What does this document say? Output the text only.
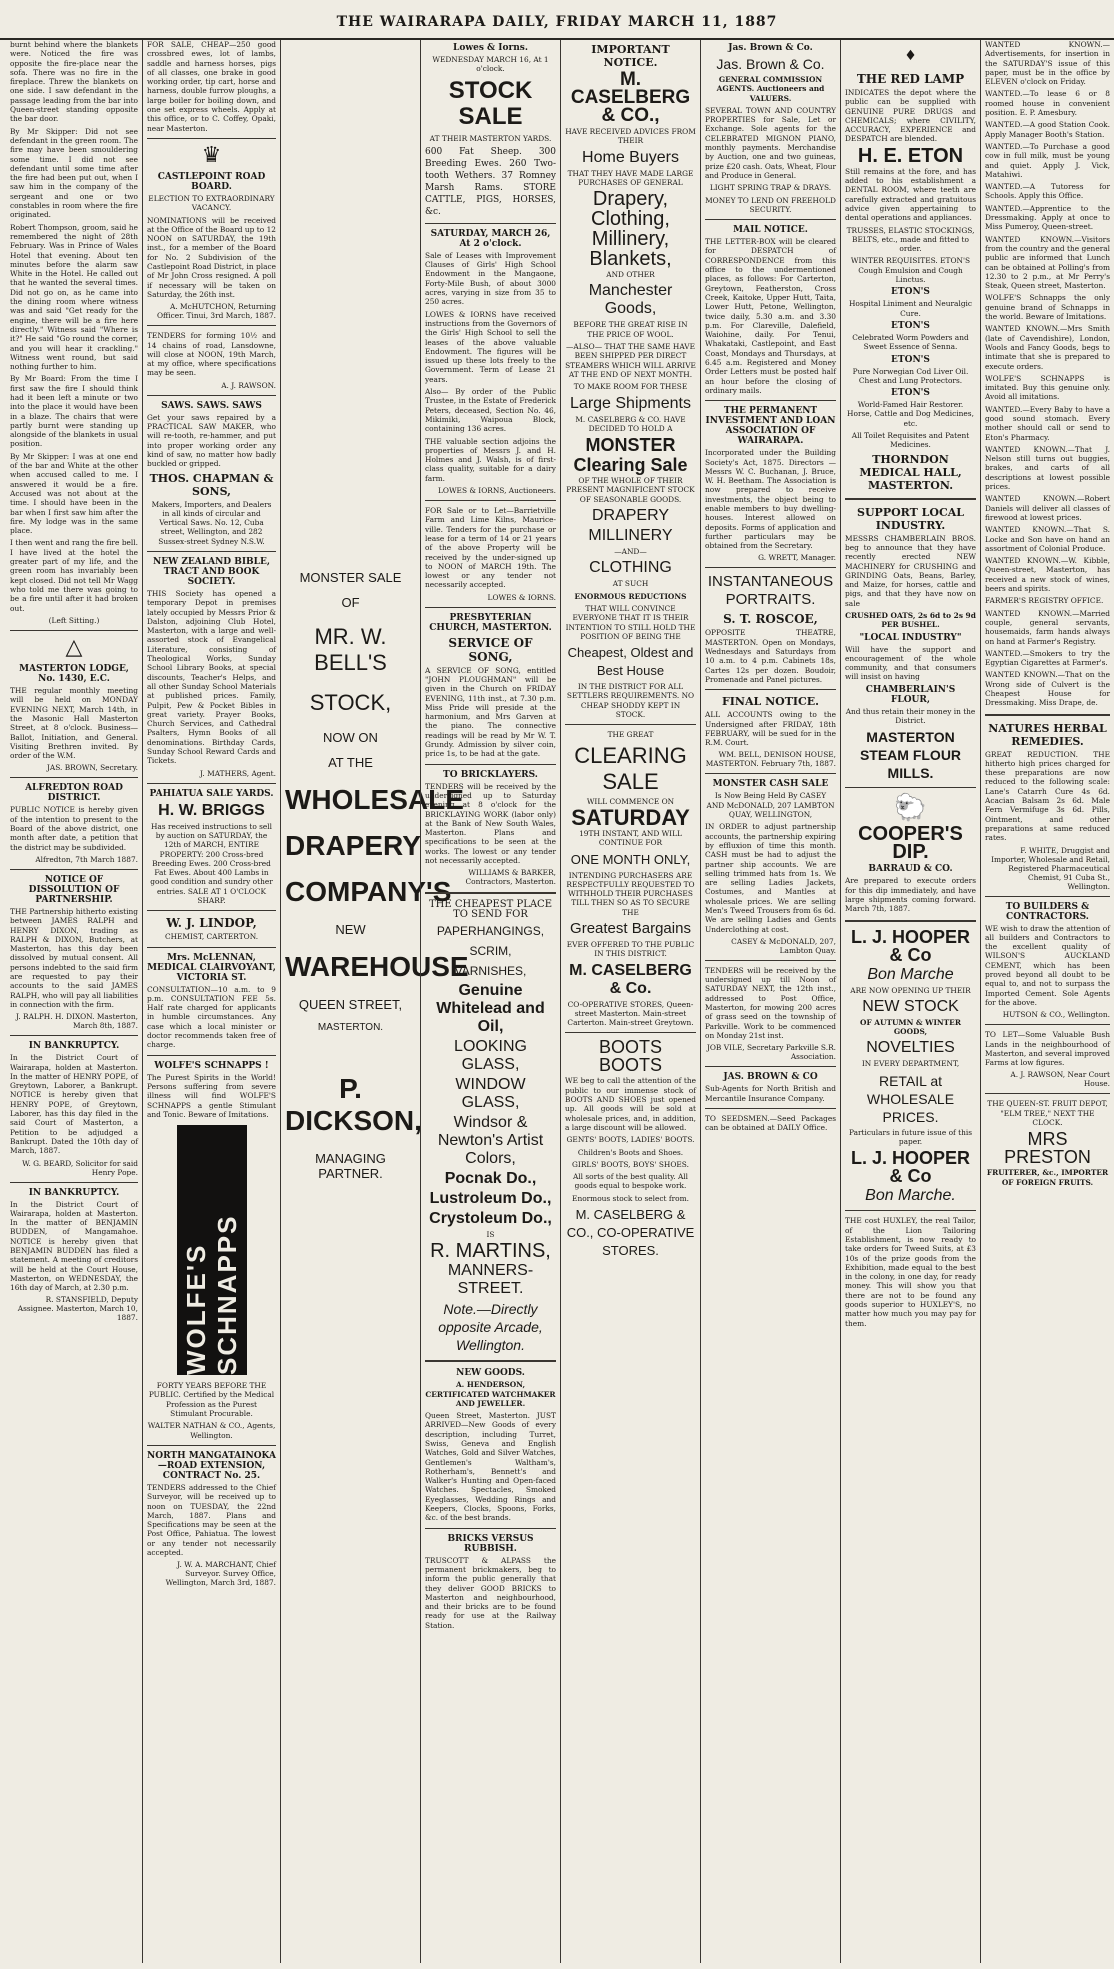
THE WAIRARAPA DAILY, FRIDAY MARCH 11, 1887

burnt behind where the blankets were. Noticed the fire was opposite the fire-place near the sofa. There was no fire in the fireplace. Threw the blankets on one side. I saw defendant in the passage leading from the bar into Queen-street standing opposite the bar door.

By Mr Skipper: Did not see defendant in the green room. The fire may have been smouldering some time. I did not see defendant until some time after the fire had been put out, when I saw him in the company of the sergeant and one or two constables in room where the fire originated.

Robert Thompson, groom, said he remembered the night of 28th February. Was in Prince of Wales Hotel that evening. About ten minutes before the alarm saw White in the Hotel. He called out that he wanted the several times. Did not go on, as he came into the dining room where witness was and said "Get ready for the engine, there will be a fire here directly." Witness said "Where is it?" He said "Go round the corner, and you will hear it crackling." Witness went round, but said nothing further to him.

By Mr Board: From the time I first saw the fire I should think had it been left a minute or two into the place it would have been in a blaze. The chairs that were partly burnt were standing up alongside of the blankets in usual position.

By Mr Skipper: I was at one end of the bar and White at the other when accused called to me. I answered it would be a fire. Accused was not about at the time. I should have been in the bar when I first saw him after the fire. My lodge was in the same place.

I then went and rang the fire bell. I have lived at the hotel the greater part of my life, and the green room has invariably been kept closed. Did not tell Mr Wagg who told me there was going to be a fire until after it had broken out.

(Left Sitting.)

△

MASTERTON LODGE, No. 1430, E.C.

THE regular monthly meeting will be held on MONDAY EVENING NEXT, March 14th, in the Masonic Hall Masterton Street, at 8 o'clock. Business—Ballot, Initiation, and General. Visiting Brethren invited. By order of the W.M.

JAS. BROWN, Secretary.

ALFREDTON ROAD DISTRICT.

PUBLIC NOTICE is hereby given of the intention to present to the Board of the above district, one month after date, a petition that the district may be subdivided.

Alfredton, 7th March 1887.

NOTICE OF DISSOLUTION OF PARTNERSHIP.

THE Partnership hitherto existing between JAMES RALPH and HENRY DIXON, trading as RALPH & DIXON, Butchers, at Masterton, has this day been dissolved by mutual consent. All persons indebted to the said firm are requested to pay their accounts to the said JAMES RALPH, who will pay all liabilities in connection with the firm.

J. RALPH. H. DIXON. Masterton, March 8th, 1887.

IN BANKRUPTCY.

In the District Court of Wairarapa, holden at Masterton. In the matter of HENRY POPE, of Greytown, Laborer, a Bankrupt. NOTICE is hereby given that HENRY POPE, of Greytown, Laborer, has this day filed in the said Court of Masterton, a Petition to be adjudged a Bankrupt. Dated the 10th day of March, 1887.

W. G. BEARD, Solicitor for said Henry Pope.

IN BANKRUPTCY.

In the District Court of Wairarapa, holden at Masterton. In the matter of BENJAMIN BUDDEN, of Mangamahoe. NOTICE is hereby given that BENJAMIN BUDDEN has filed a statement. A meeting of creditors will be held at the Court House, Masterton, on WEDNESDAY, the 16th day of March, at 2.30 p.m.

R. STANSFIELD, Deputy Assignee. Masterton, March 10, 1887.

FOR SALE, CHEAP—250 good crossbred ewes, lot of lambs, saddle and harness horses, pigs of all classes, one brake in good working order, tip cart, horse and harness, double furrow ploughs, a large boiler for boiling down, and one set express wheels. Apply at this office, or to C. Coffey, Opaki, near Masterton.

♛

CASTLEPOINT ROAD BOARD.

ELECTION TO EXTRAORDINARY VACANCY.

NOMINATIONS will be received at the Office of the Board up to 12 NOON on SATURDAY, the 19th inst., for a member of the Board for No. 2 Subdivision of the Castlepoint Road District, in place of Mr John Cross resigned. A poll if necessary will be taken on Saturday, the 26th inst.

A. McHUTCHON, Returning Officer. Tinui, 3rd March, 1887.

TENDERS for forming 10½ and 14 chains of road, Lansdowne, will close at NOON, 19th March, at my office, where specifications may be seen.

A. J. RAWSON.

SAWS. SAWS. SAWS

Get your saws repaired by a PRACTICAL SAW MAKER, who will re-tooth, re-hammer, and put into proper working order any kind of saw, no matter how badly buckled or gripped.

THOS. CHAPMAN & SONS,

Makers, Importers, and Dealers in all kinds of circular and Vertical Saws. No. 12, Cuba street, Wellington, and 282 Sussex-street Sydney N.S.W.

NEW ZEALAND BIBLE, TRACT AND BOOK SOCIETY.

THIS Society has opened a temporary Depot in premises lately occupied by Messrs Prior & Dalston, adjoining Club Hotel, Masterton, with a large and well-assorted stock of Evangelical Literature, consisting of Theological Works, Sunday School Library Books, at special discounts, Teacher's Helps, and all other Sunday School Materials at published prices. Family, Pulpit, Pew & Pocket Bibles in great variety. Prayer Books, Church Services, and Cathedral Psalters, Hymn Books of all denominations. Birthday Cards, Sunday School Reward Cards and Tickets.

J. MATHERS, Agent.

PAHIATUA SALE YARDS.

H. W. BRIGGS

Has received instructions to sell by auction on SATURDAY, the 12th of MARCH, ENTIRE PROPERTY: 200 Cross-bred Breeding Ewes. 200 Cross-bred Fat Ewes. About 400 Lambs in good condition and sundry other entries. SALE AT 1 O'CLOCK SHARP.

W. J. LINDOP,

CHEMIST, CARTERTON.

Mrs. McLENNAN, MEDICAL CLAIRVOYANT, VICTORIA ST.

CONSULTATION—10 a.m. to 9 p.m. CONSULTATION FEE 5s. Half rate charged for applicants in humble circumstances. Any case which a local minister or doctor recommends taken free of charge.

WOLFE'S SCHNAPPS !

The Purest Spirits in the World! Persons suffering from severe illness will find WOLFE'S SCHNAPPS a gentle Stimulant and Tonic. Beware of Imitations.

WOLFE'S SCHNAPPS

FORTY YEARS BEFORE THE PUBLIC. Certified by the Medical Profession as the Purest Stimulant Procurable.

WALTER NATHAN & CO., Agents, Wellington.

NORTH MANGATAINOKA—ROAD EXTENSION, CONTRACT No. 25.

TENDERS addressed to the Chief Surveyor, will be received up to noon on TUESDAY, the 22nd March, 1887. Plans and Specifications may be seen at the Post Office, Pahiatua. The lowest or any tender not necessarily accepted.

J. W. A. MARCHANT, Chief Surveyor. Survey Office, Wellington, March 3rd, 1887.

MONSTER SALE
OF
MR. W. BELL'S
STOCK,
NOW ON
AT THE
WHOLESALE
DRAPERY
COMPANY'S
NEW
WAREHOUSE
QUEEN STREET,
MASTERTON.
P. DICKSON,
MANAGING PARTNER.

Lowes & Iorns.

WEDNESDAY MARCH 16, At 1 o'clock.

STOCK SALE

AT THEIR MASTERTON YARDS.

600 Fat Sheep. 300 Breeding Ewes. 260 Two-tooth Wethers. 37 Romney Marsh Rams. STORE CATTLE, PIGS, HORSES, &c.

SATURDAY, MARCH 26, At 2 o'clock.

Sale of Leases with Improvement Clauses of Girls' High School Endowment in the Mangaone, Forty-Mile Bush, of about 3000 acres, varying in size from 35 to 250 acres.

LOWES & IORNS have received instructions from the Governors of the Girls' High School to sell the leases of the above valuable Endowment. The figures will be issued up these lots freely to the Government. Term of Lease 21 years.

Also— By order of the Public Trustee, in the Estate of Frederick Peters, deceased, Section No. 46, Mikimiki, Waipoua Block, containing 136 acres.

THE valuable section adjoins the properties of Messrs J. and H. Holmes and J. Walsh, is of first-class quality, suitable for a dairy farm.

LOWES & IORNS, Auctioneers.

FOR Sale or to Let—Barrietville Farm and Lime Kilns, Maurice-ville. Tenders for the purchase or lease for a term of 14 or 21 years of the above Property will be received by the under-signed up to NOON of MARCH 19th. The lowest or any tender not necessarily accepted.

LOWES & IORNS.

PRESBYTERIAN CHURCH, MASTERTON.

SERVICE OF SONG,

A SERVICE OF SONG, entitled "JOHN PLOUGHMAN" will be given in the Church on FRIDAY EVENING, 11th inst., at 7.30 p.m. Miss Pride will preside at the harmonium, and Mrs Garven at the piano. The connective readings will be read by Mr W. T. Grundy. Admission by silver coin, price 1s, to be had at the gate.

TO BRICKLAYERS.

TENDERS will be received by the undersigned up to Saturday evening at 8 o'clock for the BRICKLAYING WORK (labor only) at the Bank of New South Wales, Masterton. Plans and specifications to be seen at the works. The lowest or any tender not necessarily accepted.

WILLIAMS & BARKER, Contractors, Masterton.

THE CHEAPEST PLACE TO SEND FOR

PAPERHANGINGS,

SCRIM,

VARNISHES,

Genuine Whitelead and Oil,

LOOKING GLASS,

WINDOW GLASS,

Windsor & Newton's Artist Colors,

Pocnak Do.,

Lustroleum Do.,

Crystoleum Do.,

IS

R. MARTINS,

MANNERS-STREET.

Note.—Directly opposite Arcade, Wellington.

NEW GOODS.

A. HENDERSON, CERTIFICATED WATCHMAKER AND JEWELLER.

Queen Street, Masterton. JUST ARRIVED—New Goods of every description, including Turret, Swiss, Geneva and English Watches, Gold and Silver Watches, Gentlemen's Waltham's, Rotherham's, Bennett's and Walker's Hunting and Open-faced Watches. Spectacles, Smoked Eyeglasses, Wedding Rings and Keepers, Clocks, Spoons, Forks, &c. of the best brands.

BRICKS VERSUS RUBBISH.

TRUSCOTT & ALPASS the permanent brickmakers, beg to inform the public generally that they deliver GOOD BRICKS to Masterton and neighbourhood, and their bricks are to be found ready for use at the Railway Station.

IMPORTANT NOTICE.

M. CASELBERG & CO.,

HAVE RECEIVED ADVICES FROM THEIR

Home Buyers

THAT THEY HAVE MADE LARGE PURCHASES OF GENERAL

Drapery,

Clothing,

Millinery,

Blankets,

AND OTHER

Manchester Goods,

BEFORE THE GREAT RISE IN THE PRICE OF WOOL.

—ALSO— THAT THE SAME HAVE BEEN SHIPPED PER DIRECT STEAMERS WHICH WILL ARRIVE AT THE END OF NEXT MONTH.

TO MAKE ROOM FOR THESE

Large Shipments

M. CASELBERG & CO. HAVE DECIDED TO HOLD A

MONSTER

Clearing Sale

OF THE WHOLE OF THEIR PRESENT MAGNIFICENT STOCK OF SEASONABLE GOODS.

DRAPERY

MILLINERY

—AND—

CLOTHING

AT SUCH

ENORMOUS REDUCTIONS

THAT WILL CONVINCE EVERYONE THAT IT IS THEIR INTENTION TO STILL HOLD THE POSITION OF BEING THE

Cheapest, Oldest and Best House

IN THE DISTRICT FOR ALL SETTLERS REQUIREMENTS. NO CHEAP SHODDY KEPT IN STOCK.

THE GREAT

CLEARING SALE

WILL COMMENCE ON

SATURDAY

19TH INSTANT, AND WILL CONTINUE FOR

ONE MONTH ONLY,

INTENDING PURCHASERS ARE RESPECTFULLY REQUESTED TO WITHHOLD THEIR PURCHASES TILL THEN SO AS TO SECURE THE

Greatest Bargains

EVER OFFERED TO THE PUBLIC IN THIS DISTRICT.

M. CASELBERG & Co.

CO-OPERATIVE STORES, Queen-street Masterton. Main-street Carterton. Main-street Greytown.

BOOTS BOOTS

WE beg to call the attention of the public to our immense stock of BOOTS AND SHOES just opened up. All goods will be sold at wholesale prices, and, in addition, a large discount will be allowed.

GENTS' BOOTS, LADIES' BOOTS.

Children's Boots and Shoes.

GIRLS' BOOTS, BOYS' SHOES.

All sorts of the best quality. All goods equal to bespoke work.

Enormous stock to select from.

M. CASELBERG & CO., CO-OPERATIVE STORES.

Jas. Brown & Co.

Jas. Brown & Co.

GENERAL COMMISSION AGENTS. Auctioneers and VALUERS.

SEVERAL TOWN AND COUNTRY PROPERTIES for Sale, Let or Exchange. Sole agents for the CELEBRATED MIGNON PIANO, monthly payments. Merchandise by Auction, one and two guineas, prize £20 cash. Oats, Wheat, Flour and Produce in General.

LIGHT SPRING TRAP & DRAYS.

MONEY TO LEND ON FREEHOLD SECURITY.

MAIL NOTICE.

THE LETTER-BOX will be cleared for DESPATCH of CORRESPONDENCE from this office to the undermentioned places, as follows: For Carterton, Greytown, Featherston, Cross Creek, Kaitoke, Upper Hutt, Taita, Lower Hutt, Petone, Wellington, twice daily, 5.30 a.m. and 3.30 p.m. For Clareville, Dalefield, Waiohine, daily. For Tenui, Whakataki, Castlepoint, and East Coast, Mondays and Thursdays, at 6.45 a.m. Registered and Money Order Letters must be posted half an hour before the closing of ordinary mails.

THE PERMANENT INVESTMENT AND LOAN ASSOCIATION OF WAIRARAPA.

Incorporated under the Building Society's Act, 1875. Directors — Messrs W. C. Buchanan, J. Bruce, W. H. Beetham. The Association is now prepared to receive investments, the object being to enable members to buy dwelling-houses. Interest allowed on deposits. Forms of application and further particulars may be obtained from the Secretary.

G. WRETT, Manager.

INSTANTANEOUS PORTRAITS.

S. T. ROSCOE,

OPPOSITE THEATRE, MASTERTON. Open on Mondays, Wednesdays and Saturdays from 10 a.m. to 4 p.m. Cabinets 18s, Cartes 12s per dozen. Boudoir, Promenade and Panel pictures.

FINAL NOTICE.

ALL ACCOUNTS owing to the Undersigned after FRIDAY, 18th FEBRUARY, will be sued for in the R.M. Court.

WM. BELL, DENISON HOUSE, MASTERTON. February 7th, 1887.

MONSTER CASH SALE

Is Now Being Held By CASEY AND McDONALD, 207 LAMBTON QUAY, WELLINGTON,

IN ORDER to adjust partnership accounts, the partnership expiring by effluxion of time this month. CASH must be had to adjust the partner ship accounts. We are selling trimmed hats from 1s. We are selling Ladies Jackets, Costumes, and Mantles at wholesale prices. We are selling Men's Tweed Trousers from 6s 6d. We are selling Ladies and Gents Underclothing at cost.

CASEY & McDONALD, 207, Lambton Quay.

TENDERS will be received by the undersigned up till Noon of SATURDAY NEXT, the 12th inst., addressed to Post Office, Masterton, for mowing 200 acres of grass seed on the township of Parkville. Work to be commenced on Monday 21st inst.

JOB VILE, Secretary Parkville S.R. Association.

JAS. BROWN & CO

Sub-Agents for North British and Mercantile Insurance Company.

TO SEEDSMEN.—Seed Packages can be obtained at DAILY Office.

♦

THE RED LAMP

INDICATES the depot where the public can be supplied with GENUINE PURE DRUGS and CHEMICALS; where CIVILITY, ACCURACY, EXPERIENCE and DESPATCH are blended.

H. E. ETON

Still remains at the fore, and has added to his establishment a DENTAL ROOM, where teeth are carefully extracted and gratuitous advice given appertaining to dental operations and appliances.

TRUSSES, ELASTIC STOCKINGS, BELTS, etc., made and fitted to order.

WINTER REQUISITES. ETON'S Cough Emulsion and Cough Linctus.

ETON'S

Hospital Liniment and Neuralgic Cure.

ETON'S

Celebrated Worm Powders and Sweet Essence of Senna.

ETON'S

Pure Norwegian Cod Liver Oil. Chest and Lung Protectors.

ETON'S

World-Famed Hair Restorer. Horse, Cattle and Dog Medicines, etc.

All Toilet Requisites and Patent Medicines.

THORNDON MEDICAL HALL, MASTERTON.

SUPPORT LOCAL INDUSTRY.

MESSRS CHAMBERLAIN BROS. beg to announce that they have recently erected NEW MACHINERY for CRUSHING and GRINDING Oats, Beans, Barley, and Maize, for horses, cattle and pigs, and that they have now on sale

CRUSHED OATS, 2s 6d to 2s 9d PER BUSHEL.

"LOCAL INDUSTRY"

Will have the support and encouragement of the whole community, and that consumers will insist on having

CHAMBERLAIN'S FLOUR,

And thus retain their money in the District.

MASTERTON STEAM FLOUR MILLS.

🐑

COOPER'S DIP.

BARRAUD & CO.

Are prepared to execute orders for this dip immediately, and have large shipments coming forward. March 7th, 1887.

L. J. HOOPER & Co

Bon Marche

ARE NOW OPENING UP THEIR

NEW STOCK

OF AUTUMN & WINTER GOODS,

NOVELTIES

IN EVERY DEPARTMENT,

RETAIL at WHOLESALE PRICES.

Particulars in future issue of this paper.

L. J. HOOPER & Co

Bon Marche.

THE cost HUXLEY, the real Tailor, of the Lion Tailoring Establishment, is now ready to take orders for Tweed Suits, at £3 10s of the prize goods from the Exhibition, made equal to the best in the colony, in one day, for ready money. This will show you that there are not to be found any goods superior to HUXLEY'S, no matter how much you may pay for them.

WANTED KNOWN.—Advertisements, for insertion in the SATURDAY'S issue of this paper, must be in the office by ELEVEN o'clock on Friday.

WANTED.—To lease 6 or 8 roomed house in convenient position. E. P. Amesbury.

WANTED.—A good Station Cook. Apply Manager Booth's Station.

WANTED.—To Purchase a good cow in full milk, must be young and quiet. Apply J. Vick, Matahiwi.

WANTED.—A Tutoress for Schools. Apply this Office.

WANTED.—Apprentice to the Dressmaking. Apply at once to Miss Pumeroy, Queen-street.

WANTED KNOWN.—Visitors from the country and the general public are informed that Lunch can be obtained at Polling's from 12.30 to 2 p.m., at Mr Perry's Steak, Queen street, Masterton.

WOLFE'S Schnapps the only genuine brand of Schnapps in the world. Beware of Imitations.

WANTED KNOWN.—Mrs Smith (late of Cavendishire), London, Wools and Fancy Goods, begs to intimate that she is prepared to execute orders.

WOLFE'S SCHNAPPS is imitated. Buy this genuine only. Avoid all imitations.

WANTED.—Every Baby to have a good sound stomach. Every mother should call or send to Eton's Pharmacy.

WANTED KNOWN.—That J. Nelson still turns out buggies, brakes, and carts of all descriptions at lowest possible prices.

WANTED KNOWN.—Robert Daniels will deliver all classes of firewood at lowest prices.

WANTED KNOWN.—That S. Locke and Son have on hand an assortment of Colonial Produce.

WANTED KNOWN.—W. Kibble, Queen-street, Masterton, has received a new stock of wines, beers and spirits.

FARMER'S REGISTRY OFFICE.

WANTED KNOWN.—Married couple, general servants, housemaids, farm hands always on hand at Farmer's Registry.

WANTED.—Smokers to try the Egyptian Cigarettes at Farmer's.

WANTED KNOWN.—That on the Wrong side of Culvert is the Cheapest House for Dressmaking. Miss Drape, de.

NATURES HERBAL REMEDIES.

GREAT REDUCTION. THE hitherto high prices charged for these preparations are now reduced to the following scale: Lane's Catarrh Cure 4s 6d. Acacian Balsam 2s 6d. Male Fern Vermifuge 3s 6d. Pills, Ointment, and other preparations at same reduced rates.

F. WHITE, Druggist and Importer, Wholesale and Retail, Registered Pharmaceutical Chemist, 91 Cuba St., Wellington.

TO BUILDERS & CONTRACTORS.

WE wish to draw the attention of all builders and Contractors to the excellent quality of WILSON'S AUCKLAND CEMENT, which has been proved beyond all doubt to be equal to, and not to surpass the Imported Cement. Sole Agents for the above.

HUTSON & CO., Wellington.

TO LET—Some Valuable Bush Lands in the neighbourhood of Masterton, and several improved Farms at low figures.

A. J. RAWSON, Near Court House.

THE QUEEN-ST. FRUIT DEPOT, "ELM TREE," NEXT THE CLOCK.

MRS PRESTON

FRUITERER, &c., IMPORTER OF FOREIGN FRUITS.
